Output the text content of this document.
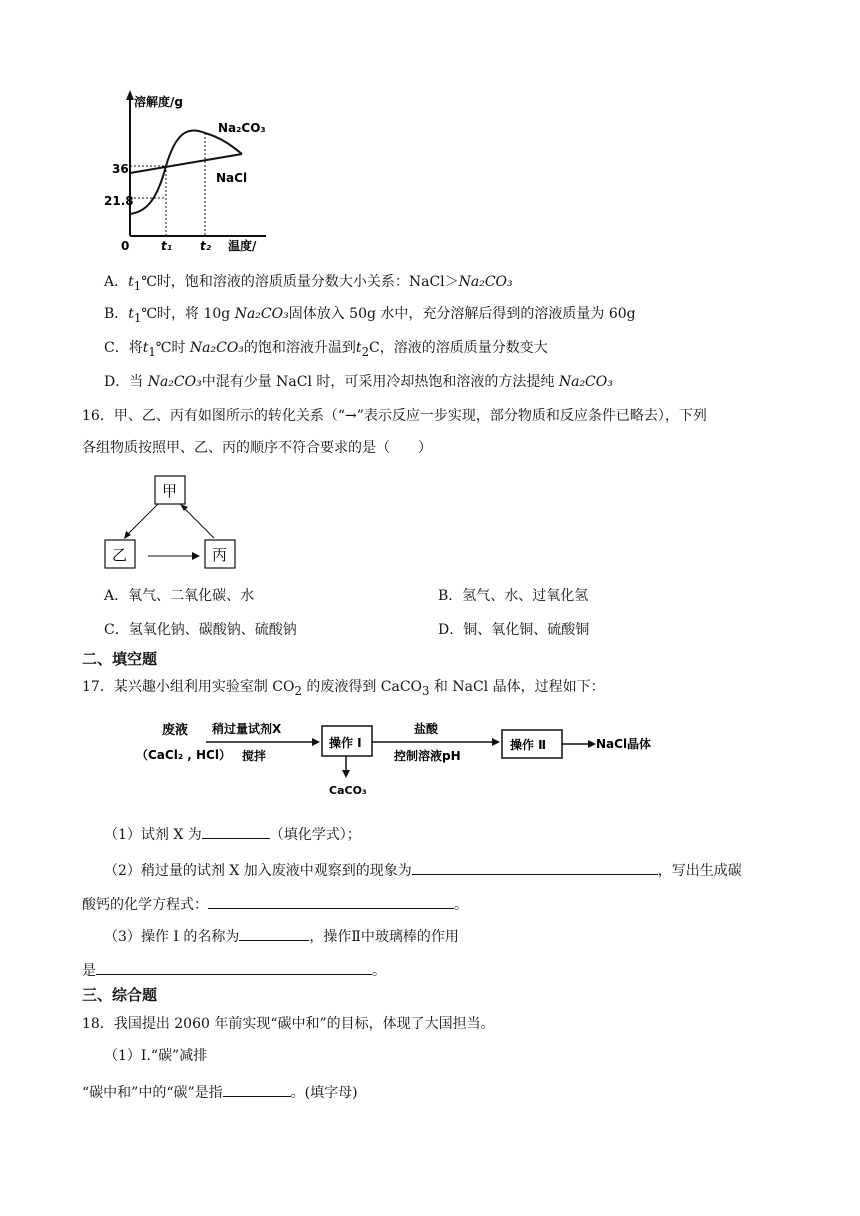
溶解度/g
温度/
0	t₁ t₂
36
21.8
Na₂CO₃
NaCl
A．$t_1℃$时，饱和溶液的溶质质量分数大小关系：NaCl＞Na₂CO₃
B．$t_1℃$时，将 10g Na₂CO₃固体放入 50g 水中，充分溶解后得到的溶液质量为 60g
C．将$t_1℃$时 Na₂CO₃的饱和溶液升温到$t_2C$，溶液的溶质质量分数变大
D．当 Na₂CO₃中混有少量 NaCl 时，可采用冷却热饱和溶液的方法提纯 Na₂CO₃
16．甲、乙、丙有如图所示的转化关系（“→”表示反应一步实现，部分物质和反应条件已略去），下列
各组物质按照甲、乙、丙的顺序不符合要求的是（　　）
甲
乙	丙
A．氧气、二氧化碳、水	B．氢气、水、过氧化氢
C．氢氧化钠、碳酸钠、硫酸钠	D．铜、氧化铜、硫酸铜
二、填空题
17．某兴趣小组利用实验室制 $CO_2$ 的废液得到 CaCO$_3$ 和 NaCl 晶体，过程如下：
废液
（CaCl₂ , HCl）
稍过量试剂X
搅拌
操作 Ⅰ
CaCO₃
盐酸
控制溶液pH
操作 Ⅱ	NaCl晶体
（1）试剂 X 为	（填化学式）；
（2）稍过量的试剂 X 加入废液中观察到的现象为	，写出生成碳
酸钙的化学方程式：	。
（3）操作 I 的名称为	，操作Ⅱ中玻璃棒的作用
是	。
三、综合题
18．我国提出 2060 年前实现“碳中和”的目标，体现了大国担当。
（1）Ⅰ.“碳”减排
“碳中和”中的“碳”是指	。(填字母)
